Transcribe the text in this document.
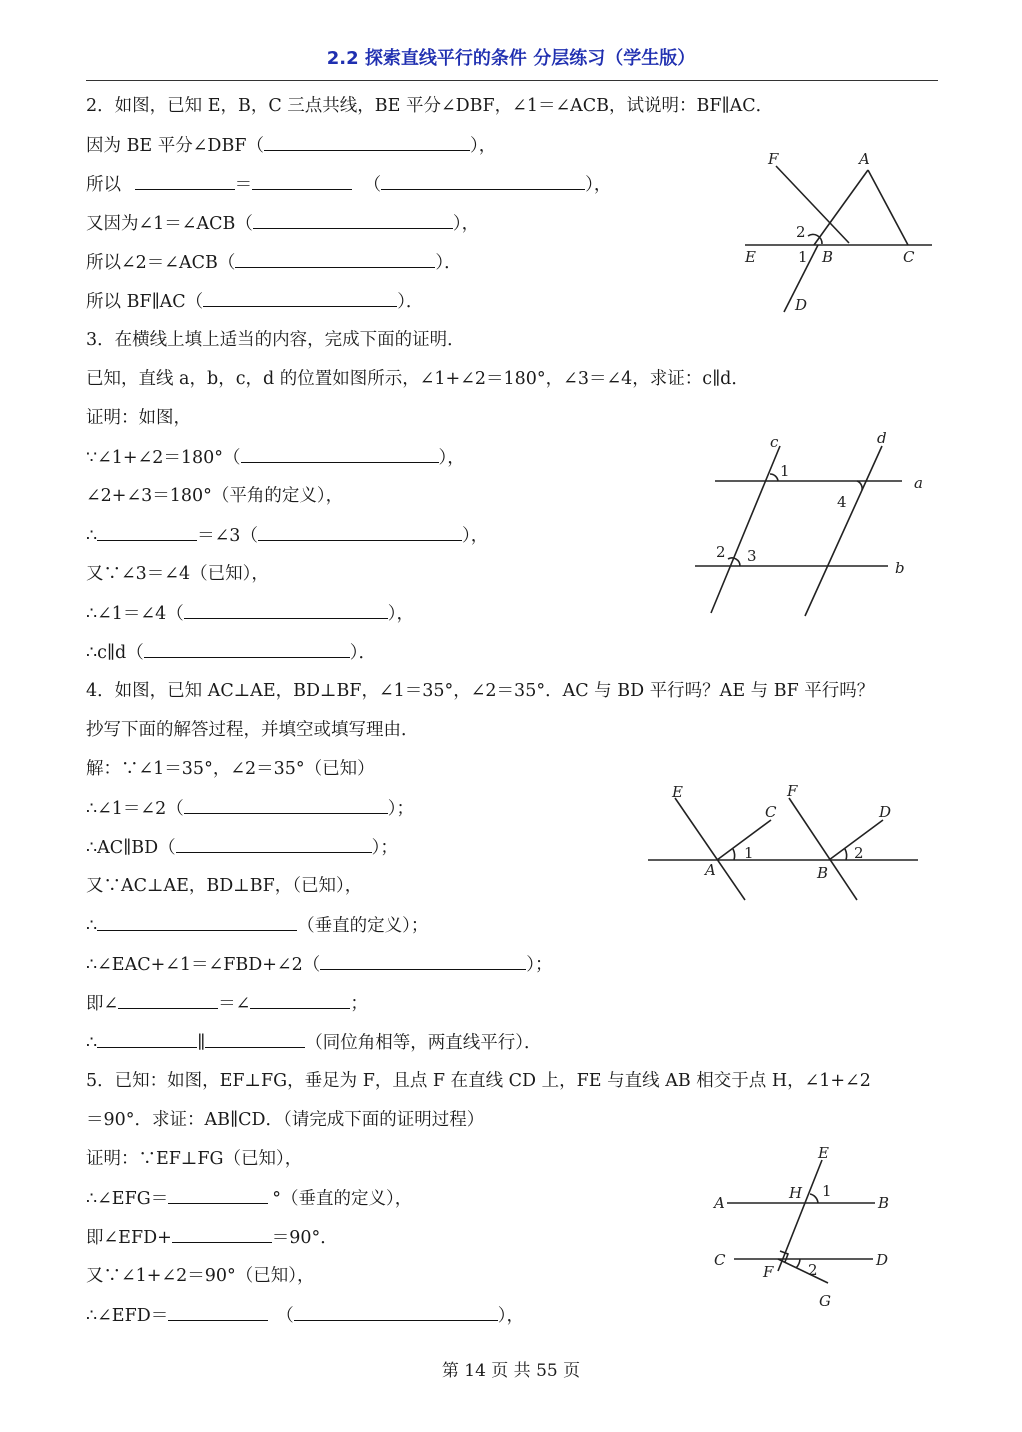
2.2 探索直线平行的条件 分层练习（学生版）
2．如图，已知 E，B，C 三点共线，BE 平分∠DBF，∠1＝∠ACB，试说明：BF∥AC．
因为 BE 平分∠DBF（	），
所以	＝	（	），
又因为∠1＝∠ACB（	），
所以∠2＝∠ACB（	）．
所以 BF∥AC（	）．
F	A
2
E	1 B	C
D
3．在横线上填上适当的内容，完成下面的证明．
已知，直线 a，b，c，d 的位置如图所示，∠1+∠2＝180°，∠3＝∠4，求证：c∥d．
证明：如图，
∵∠1+∠2＝180°（	），
∠2+∠3＝180°（平角的定义），
∴	＝∠3（	），
又∵∠3＝∠4（已知），
∴∠1＝∠4（	），
∴c∥d（	）．
c	d
1
a
4
2 3
b
4．如图，已知 AC⊥AE，BD⊥BF，∠1＝35°，∠2＝35°．AC 与 BD 平行吗？AE 与 BF 平行吗？
抄写下面的解答过程，并填空或填写理由．
解：∵∠1＝35°，∠2＝35°（已知）
∴∠1＝∠2（	）；
∴AC∥BD（	）；
又∵AC⊥AE，BD⊥BF，（已知），
∴	（垂直的定义）；
∴∠EAC+∠1＝∠FBD+∠2（	）；
即∠	＝∠	；
∴	∥	（同位角相等，两直线平行）．
E
C
A
1
F
D
B
2
5．已知：如图，EF⊥FG，垂足为 F，且点 F 在直线 CD 上，FE 与直线 AB 相交于点 H，∠1+∠2
＝90°．求证：AB∥CD．（请完成下面的证明过程）
证明：∵EF⊥FG（已知），
∴∠EFG＝	°（垂直的定义），
即∠EFD+	＝90°．
又∵∠1+∠2＝90°（已知），
∴∠EFD＝	（	），
E
A
H 1
B
C
F 2
D
G
第 14 页 共 55 页
